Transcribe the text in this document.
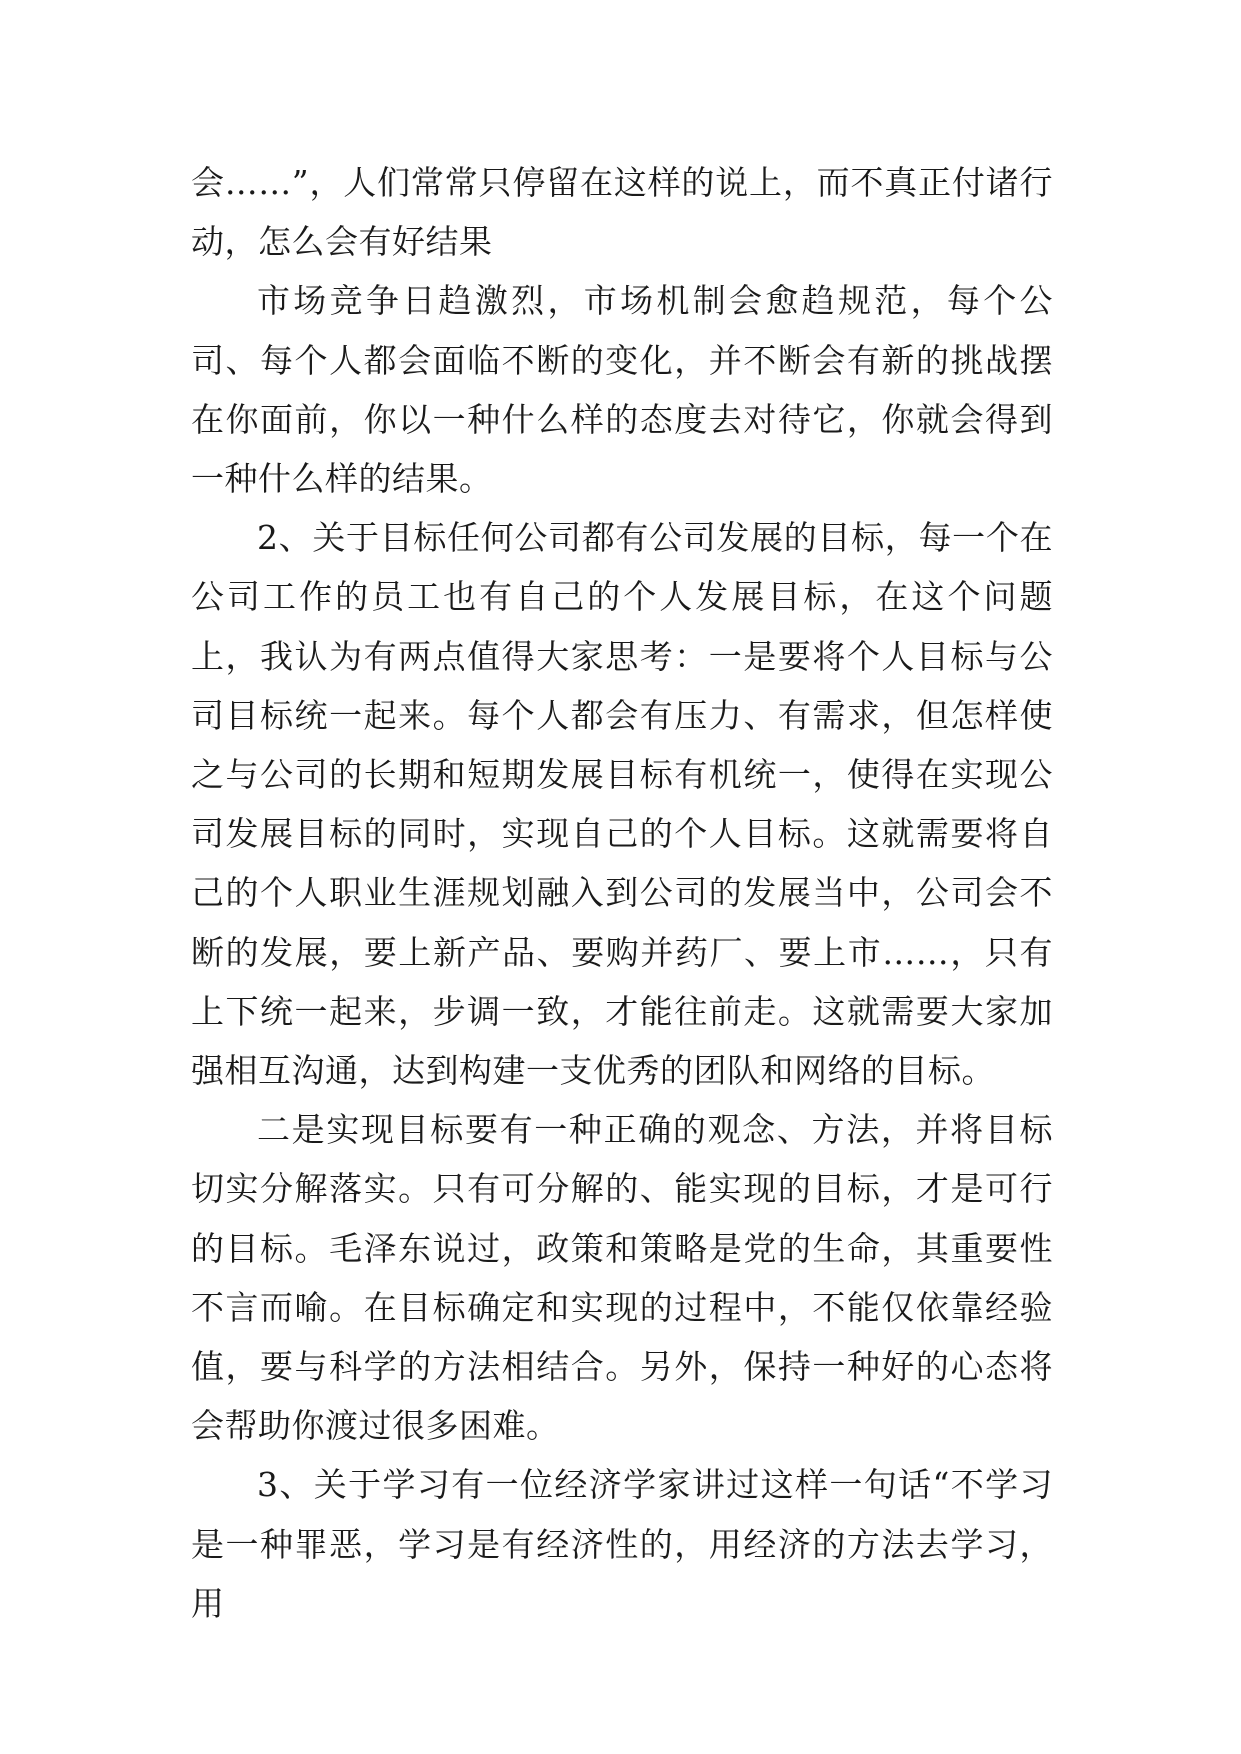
会……”，人们常常只停留在这样的说上，而不真正付诸行动，怎么会有好结果

市场竞争日趋激烈，市场机制会愈趋规范，每个公司、每个人都会面临不断的变化，并不断会有新的挑战摆在你面前，你以一种什么样的态度去对待它，你就会得到一种什么样的结果。

2、关于目标任何公司都有公司发展的目标，每一个在公司工作的员工也有自己的个人发展目标，在这个问题上，我认为有两点值得大家思考：一是要将个人目标与公司目标统一起来。每个人都会有压力、有需求，但怎样使之与公司的长期和短期发展目标有机统一，使得在实现公司发展目标的同时，实现自己的个人目标。这就需要将自己的个人职业生涯规划融入到公司的发展当中，公司会不断的发展，要上新产品、要购并药厂、要上市……，只有上下统一起来，步调一致，才能往前走。这就需要大家加强相互沟通，达到构建一支优秀的团队和网络的目标。

二是实现目标要有一种正确的观念、方法，并将目标切实分解落实。只有可分解的、能实现的目标，才是可行的目标。毛泽东说过，政策和策略是党的生命，其重要性不言而喻。在目标确定和实现的过程中，不能仅依靠经验值，要与科学的方法相结合。另外，保持一种好的心态将会帮助你渡过很多困难。

3、关于学习有一位经济学家讲过这样一句话“不学习是一种罪恶，学习是有经济性的，用经济的方法去学习，用
